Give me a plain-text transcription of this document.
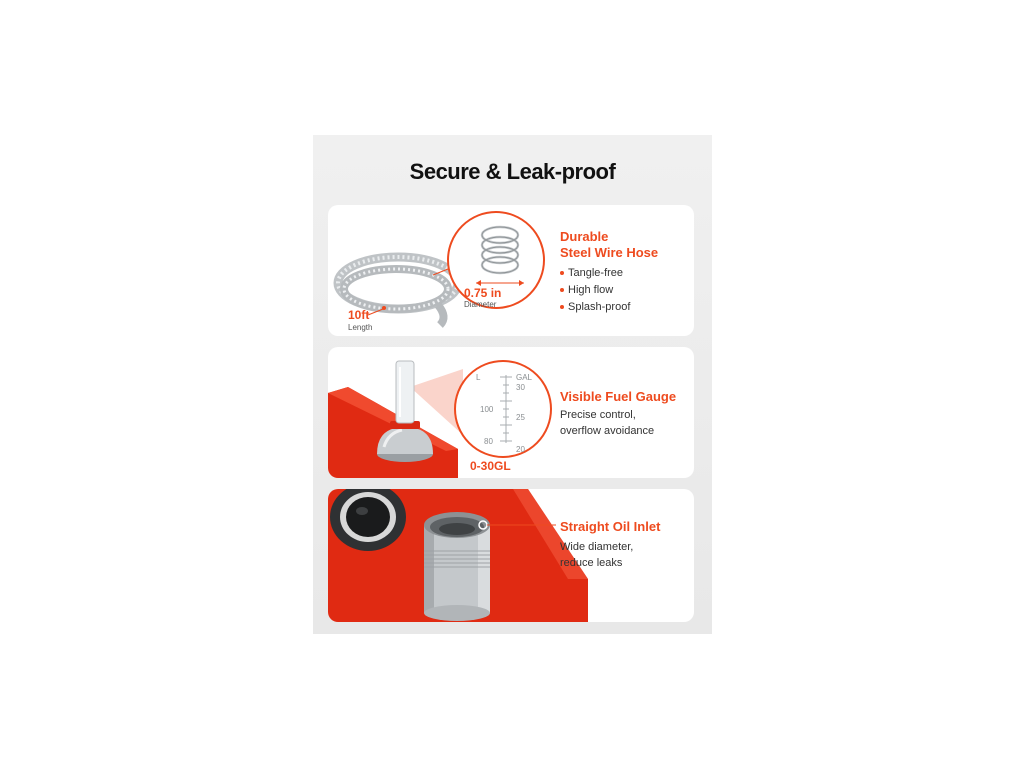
Secure & Leak-proof
10ft
Length
0.75 in
Diameter
Durable
Steel Wire Hose
Tangle-free
High flow
Splash-proof
L	GAL
100
80
30
25
20
0-30GL
Visible Fuel Gauge
Precise control,
overflow avoidance
Straight Oil Inlet
Wide diameter,
reduce leaks
